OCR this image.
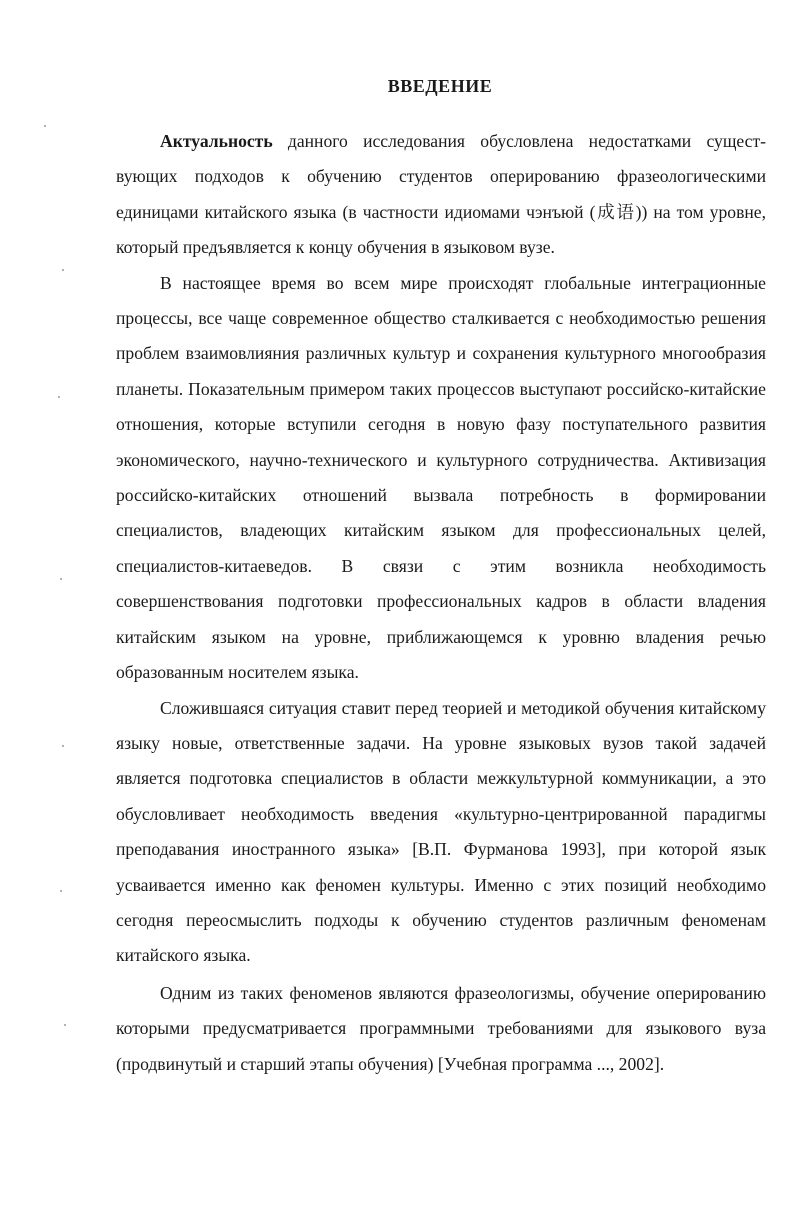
ВВЕДЕНИЕ

Актуальность данного исследования обусловлена недостатками существующих подходов к обучению студентов оперированию фразеологическими единицами китайского языка (в частности идиомами чэнъюй (成语)) на том уровне, который предъявляется к концу обучения в языковом вузе.

В настоящее время во всем мире происходят глобальные интеграционные процессы, все чаще современное общество сталкивается с необходимостью решения проблем взаимовлияния различных культур и сохранения культурного многообразия планеты. Показательным примером таких процессов выступают российско-китайские отношения, которые вступили сегодня в новую фазу поступательного развития экономического, научно-технического и культурного сотрудничества. Активизация российско-китайских отношений вызвала потребность в формировании специалистов, владеющих китайским языком для профессиональных целей, специалистов-китаеведов. В связи с этим возникла необходимость совершенствования подготовки профессиональных кадров в области владения китайским языком на уровне, приближающемся к уровню владения речью образованным носителем языка.

Сложившаяся ситуация ставит перед теорией и методикой обучения китайскому языку новые, ответственные задачи. На уровне языковых вузов такой задачей является подготовка специалистов в области межкультурной коммуникации, а это обусловливает необходимость введения «культурно-центрированной парадигмы преподавания иностранного языка» [В.П. Фурманова 1993], при которой язык усваивается именно как феномен культуры. Именно с этих позиций необходимо сегодня переосмыслить подходы к обучению студентов различным феноменам китайского языка.

Одним из таких феноменов являются фразеологизмы, обучение оперированию которыми предусматривается программными требованиями для языкового вуза (продвинутый и старший этапы обучения) [Учебная программа ..., 2002].
